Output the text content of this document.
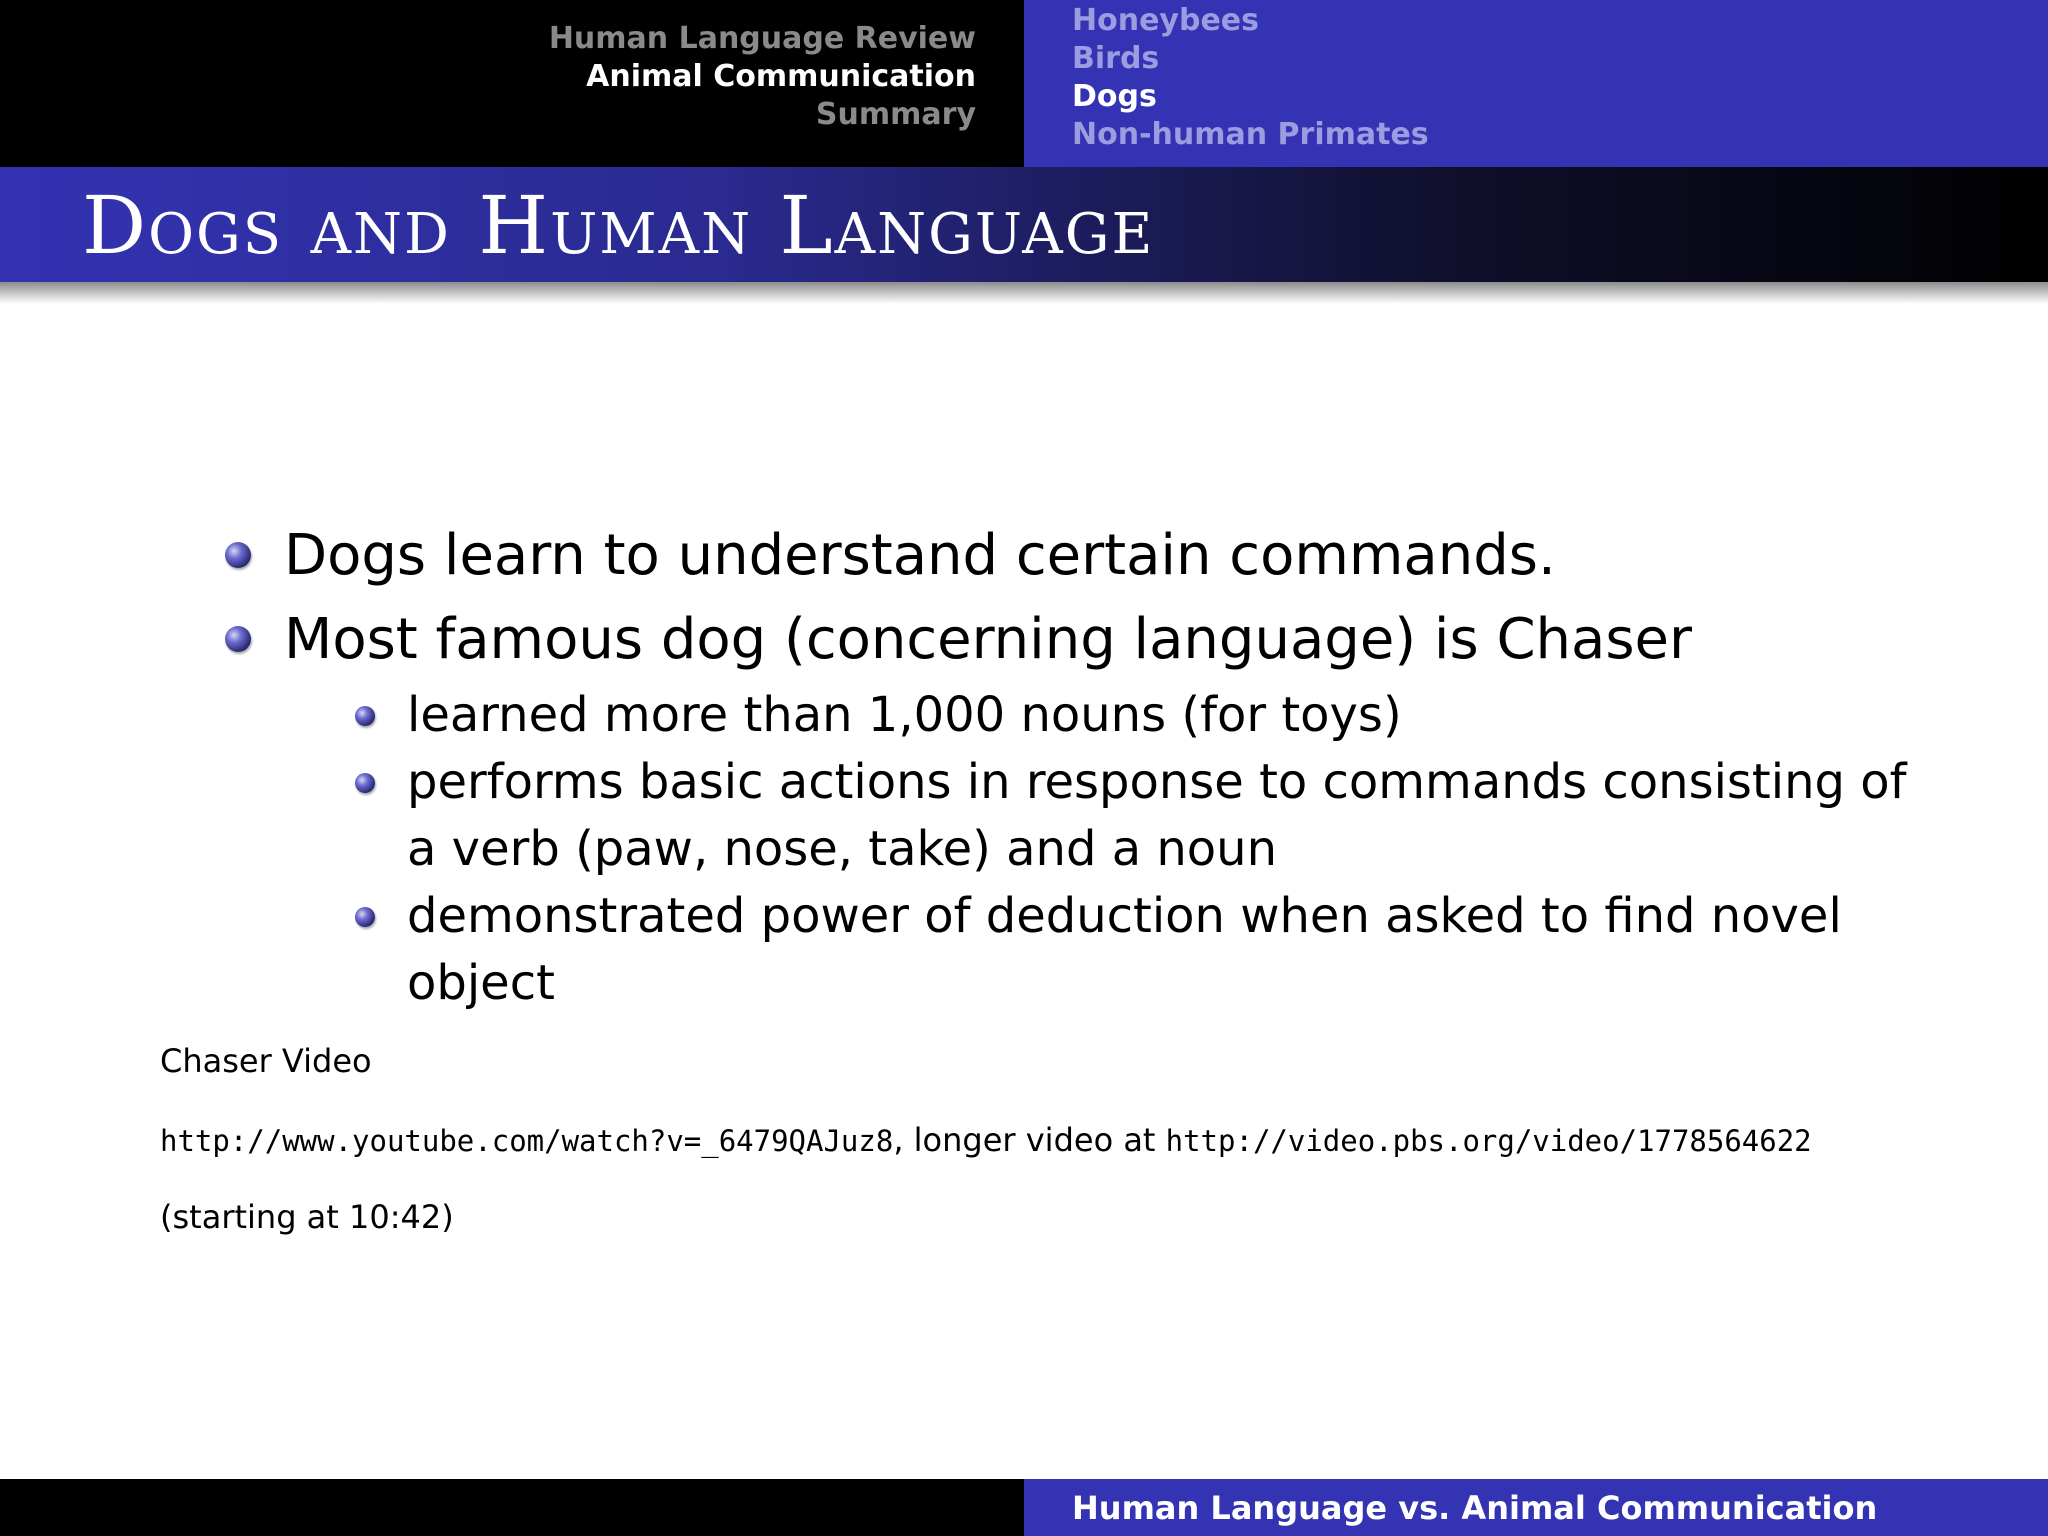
Human Language Review
Animal Communication
Summary
Honeybees
Birds
Dogs
Non-human Primates
Dogs and Human Language
Dogs learn to understand certain commands.
Most famous dog (concerning language) is Chaser
learned more than 1,000 nouns (for toys)
performs basic actions in response to commands consisting of a verb (paw, nose, take) and a noun
demonstrated power of deduction when asked to find novel object
Chaser Video
http://www.youtube.com/watch?v=_6479QAJuz8, longer video at http://video.pbs.org/video/1778564622
(starting at 10:42)
Human Language vs. Animal Communication
